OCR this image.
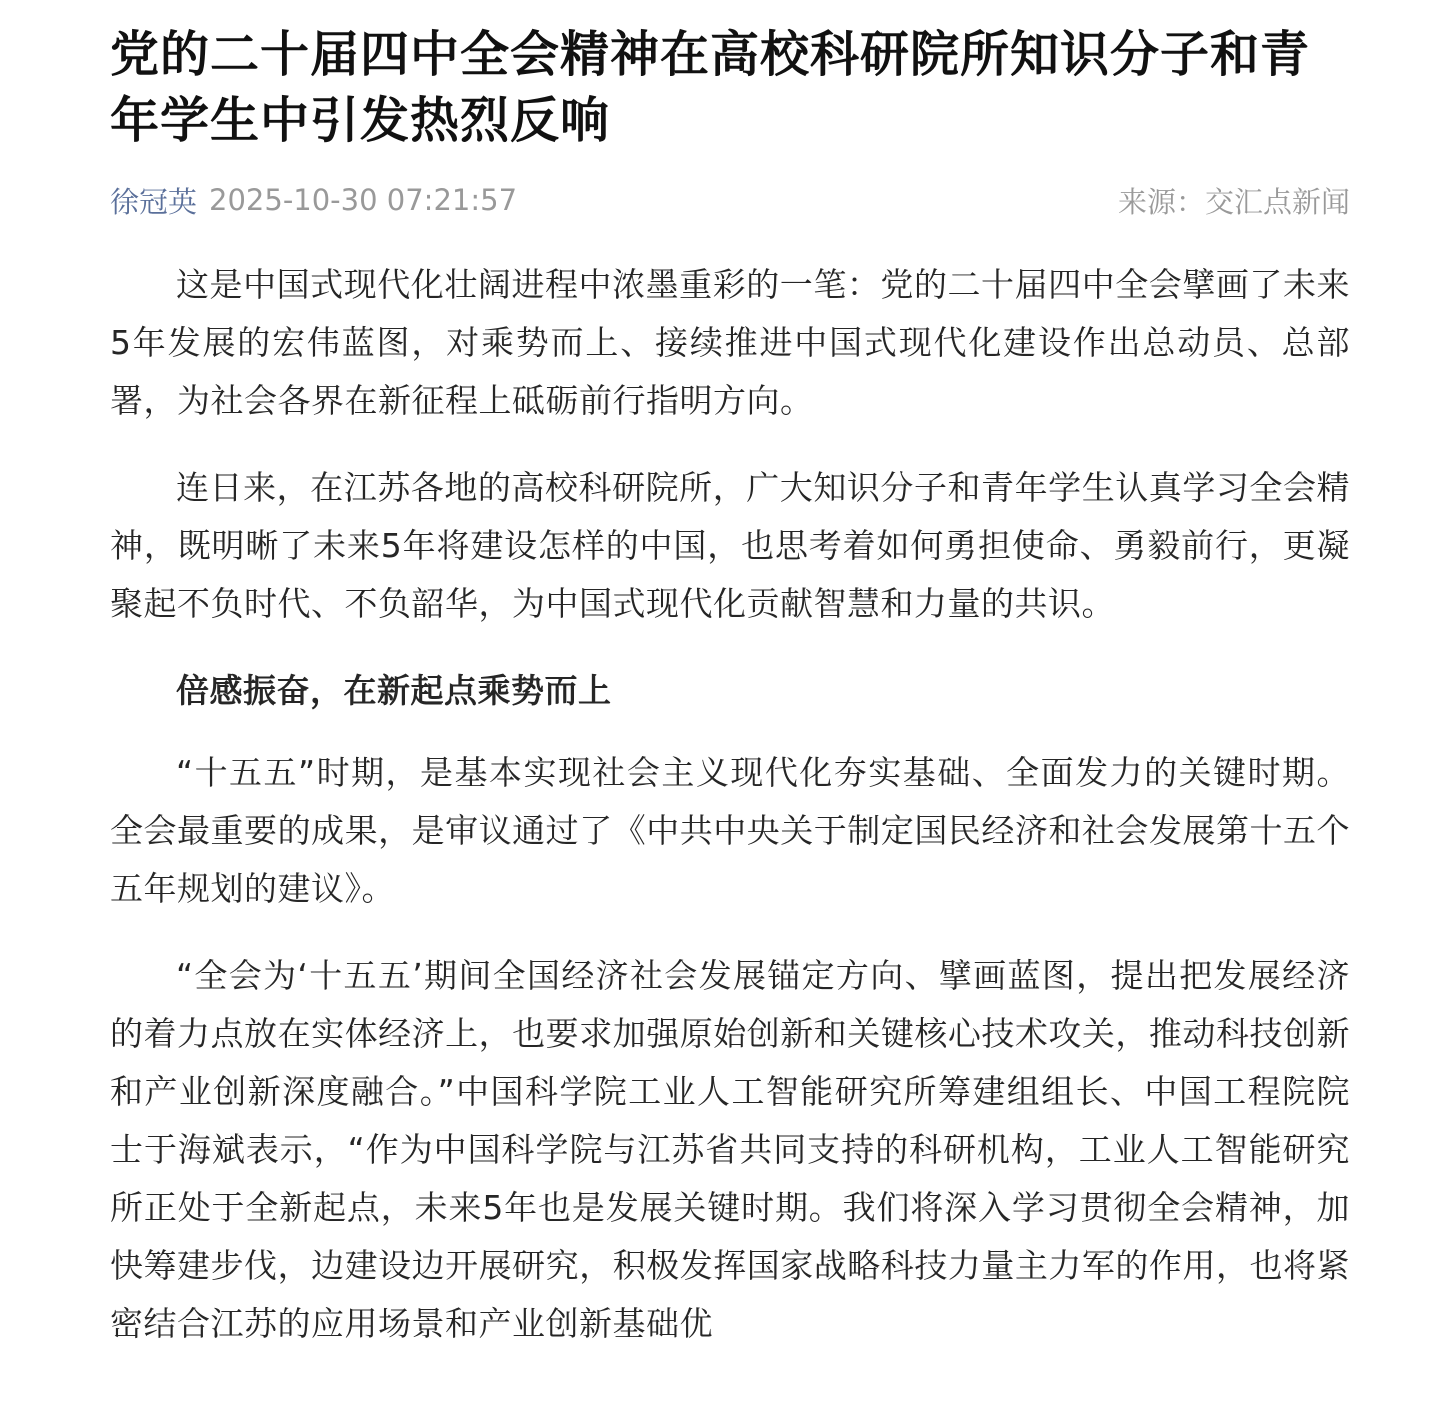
党的二十届四中全会精神在高校科研院所知识分子和青年学生中引发热烈反响
徐冠英 2025-10-30 07:21:57	来源：交汇点新闻

这是中国式现代化壮阔进程中浓墨重彩的一笔：党的二十届四中全会擘画了未来5年发展的宏伟蓝图，对乘势而上、接续推进中国式现代化建设作出总动员、总部署，为社会各界在新征程上砥砺前行指明方向。

连日来，在江苏各地的高校科研院所，广大知识分子和青年学生认真学习全会精神，既明晰了未来5年将建设怎样的中国，也思考着如何勇担使命、勇毅前行，更凝聚起不负时代、不负韶华，为中国式现代化贡献智慧和力量的共识。

倍感振奋，在新起点乘势而上

“十五五”时期，是基本实现社会主义现代化夯实基础、全面发力的关键时期。全会最重要的成果，是审议通过了《中共中央关于制定国民经济和社会发展第十五个五年规划的建议》。

“全会为‘十五五’期间全国经济社会发展锚定方向、擘画蓝图，提出把发展经济的着力点放在实体经济上，也要求加强原始创新和关键核心技术攻关，推动科技创新和产业创新深度融合。”中国科学院工业人工智能研究所筹建组组长、中国工程院院士于海斌表示，“作为中国科学院与江苏省共同支持的科研机构，工业人工智能研究所正处于全新起点，未来5年也是发展关键时期。我们将深入学习贯彻全会精神，加快筹建步伐，边建设边开展研究，积极发挥国家战略科技力量主力军的作用，也将紧密结合江苏的应用场景和产业创新基础优
